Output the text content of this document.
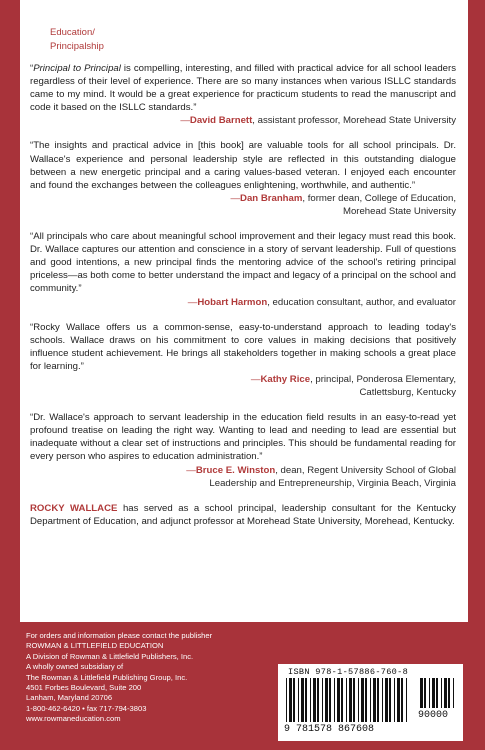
Education/
Principalship

“Principal to Principal is compelling, interesting, and filled with practical advice for all school leaders regardless of their level of experience. There are so many instances when various ISLLC standards came to my mind. It would be a great experience for practicum students to read the manuscript and code it based on the ISLLC standards.”

—David Barnett, assistant professor, Morehead State University

“The insights and practical advice in [this book] are valuable tools for all school principals. Dr. Wallace's experience and personal leadership style are reflected in this outstanding dialogue between a new energetic principal and a caring values-based veteran. I enjoyed each encounter and found the exchanges between the colleagues enlightening, worthwhile, and authentic.”

—Dan Branham, former dean, College of Education,
Morehead State University

“All principals who care about meaningful school improvement and their legacy must read this book. Dr. Wallace captures our attention and conscience in a story of servant leadership. Full of questions and good intentions, a new principal finds the mentoring advice of the school's retiring principal priceless—as both come to better understand the impact and legacy of a principal on the school and community.”

—Hobart Harmon, education consultant, author, and evaluator

“Rocky Wallace offers us a common-sense, easy-to-understand approach to leading today's schools. Wallace draws on his commitment to core values in making decisions that positively influence student achievement. He brings all stakeholders together in making schools a great place for learning.”

—Kathy Rice, principal, Ponderosa Elementary,
Catlettsburg, Kentucky

“Dr. Wallace's approach to servant leadership in the education field results in an easy-to-read yet profound treatise on leading the right way. Wanting to lead and needing to lead are essential but inadequate without a clear set of instructions and principles. This should be fundamental reading for every person who aspires to education administration.”

—Bruce E. Winston, dean, Regent University School of Global
Leadership and Entrepreneurship, Virginia Beach, Virginia

ROCKY WALLACE has served as a school principal, leadership consultant for the Kentucky Department of Education, and adjunct professor at Morehead State University, Morehead, Kentucky.

For orders and information please contact the publisher
ROWMAN & LITTLEFIELD EDUCATION
A Division of Rowman & Littlefield Publishers, Inc.
A wholly owned subsidiary of
The Rowman & Littlefield Publishing Group, Inc.
4501 Forbes Boulevard, Suite 200
Lanham, Maryland 20706
1-800-462-6420 • fax 717-794-3803
www.rowmaneducation.com
ISBN 978-1-57886-760-8
90000
9 781578 867608
